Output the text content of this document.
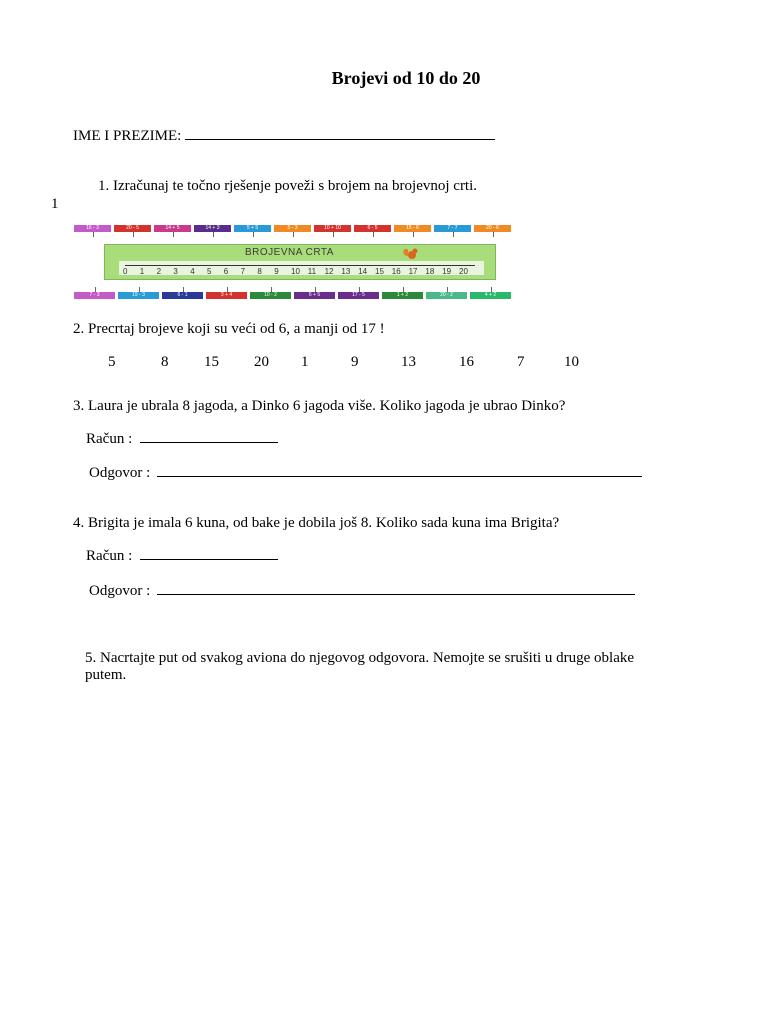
Brojevi od 10 do 20
IME I PREZIME:
1. Izračunaj te točno rješenje poveži s brojem na brojevnoj crti.
1
16 - 3	20 - 5	14 + 5	14 + 3	5 + 5	5 - 3	10 + 10	6 - 5	15 - 6	7 - 7	20 - 6
BROJEVNA CRTA
0 1 2 3 4 5 6 7 8 9 10 11 12 13 14 15 16 17 18 19 20
7 - 3	19 - 3	6 - 1	3 + 4	10 - 2	6 + 5	17 - 5	1 + 2	20 - 2	4 + 2
2. Precrtaj brojeve koji su veći od 6, a manji od 17 !
5	8 15 20 1	9	13	16	7	10
3. Laura je ubrala 8 jagoda, a Dinko 6 jagoda više. Koliko jagoda je ubrao Dinko?
Račun :
Odgovor :
4. Brigita je imala 6 kuna, od bake je dobila još 8. Koliko sada kuna ima Brigita?
Račun :
Odgovor :
5. Nacrtajte put od svakog aviona do njegovog odgovora. Nemojte se srušiti u druge oblake
putem.
